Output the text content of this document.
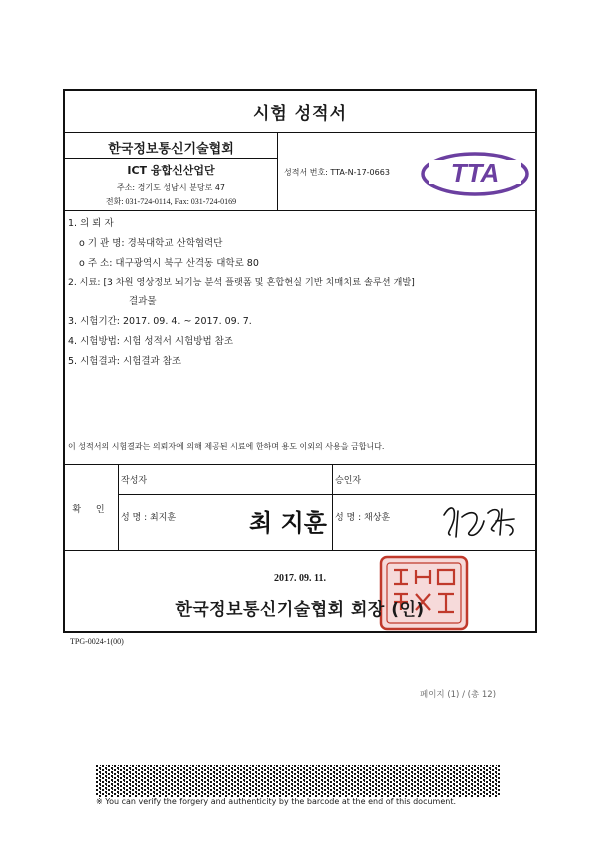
시험 성적서
한국정보통신기술협회
ICT 융합신산업단
주소: 경기도 성남시 분당로 47
전화: 031-724-0114, Fax: 031-724-0169
성적서 번호: TTA-N-17-0663 TTA
1. 의 뢰 자
o 기 관 명: 경북대학교 산학협력단
o 주 소: 대구광역시 북구 산격동 대학로 80
2. 시료: [3 차원 영상정보 뇌기능 분석 플랫폼 및 혼합현실 기반 치매치료 솔루션 개발]
결과물
3. 시험기간: 2017. 09. 4. ~ 2017. 09. 7.
4. 시험방법: 시험 성적서 시험방법 참조
5. 시험결과: 시험결과 참조
이 성적서의 시험결과는 의뢰자에 의해 제공된 시료에 한하며 용도 이외의 사용을 금합니다.
확 인
작성자
성 명 : 최지훈	최 지훈
승인자
성 명 : 채상훈
2017. 09. 11.
한국정보통신기술협회 회장 (인)
TPG-0024-1(00)
페이지 (1) / (총 12)
※ You can verify the forgery and authenticity by the barcode at the end of this document.
